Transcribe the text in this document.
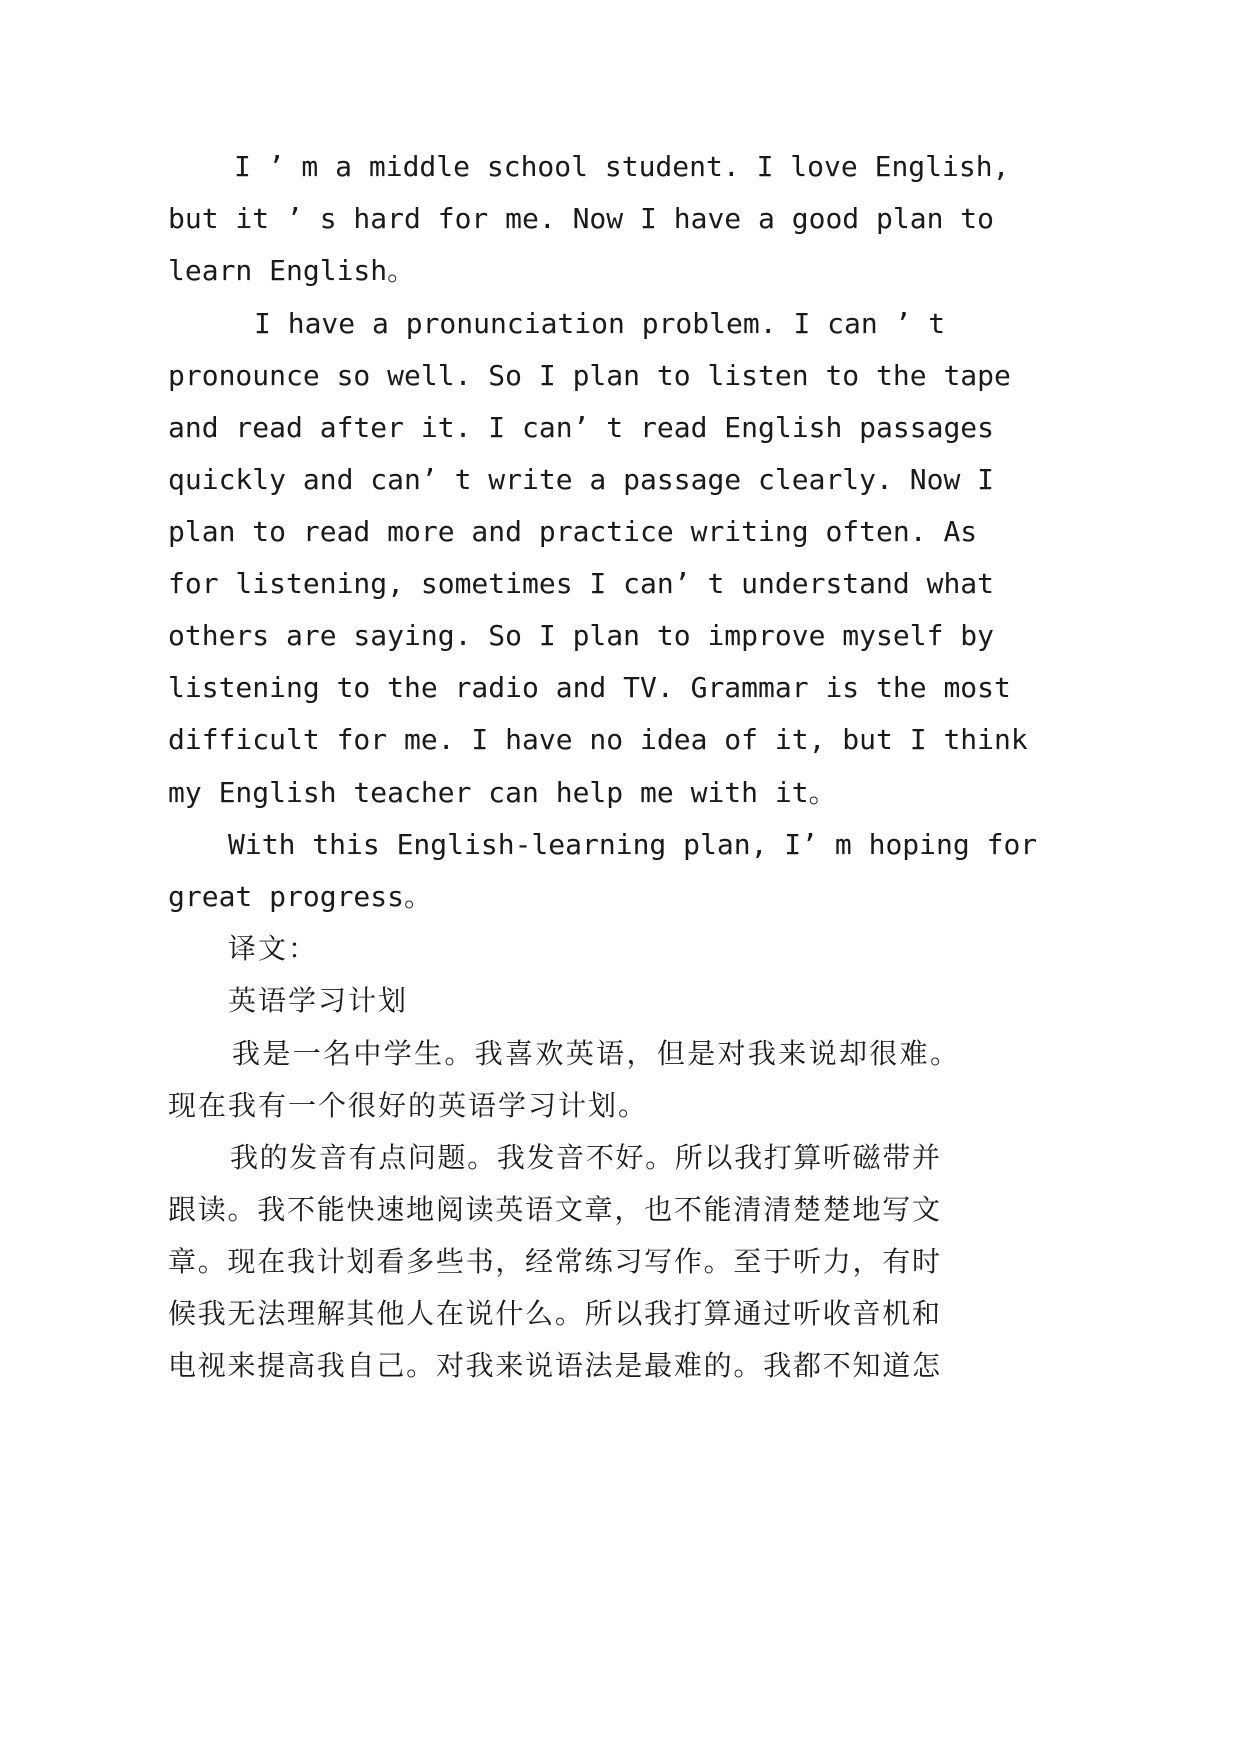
I ’ m a middle school student. I love English,
but it ’ s hard for me. Now I have a good plan to
learn English。
I have a pronunciation problem. I can ’ t
pronounce so well. So I plan to listen to the tape
and read after it. I can’ t read English passages
quickly and can’ t write a passage clearly. Now I
plan to read more and practice writing often. As
for listening, sometimes I can’ t understand what
others are saying. So I plan to improve myself by
listening to the radio and TV. Grammar is the most
difficult for me. I have no idea of it, but I think
my English teacher can help me with it。
With this English-learning plan, I’ m hoping for
great progress。
译文：
英语学习计划
我是一名中学生。我喜欢英语，但是对我来说却很难。
现在我有一个很好的英语学习计划。
我的发音有点问题。我发音不好。所以我打算听磁带并
跟读。我不能快速地阅读英语文章，也不能清清楚楚地写文
章。现在我计划看多些书，经常练习写作。至于听力，有时
候我无法理解其他人在说什么。所以我打算通过听收音机和
电视来提高我自己。对我来说语法是最难的。我都不知道怎
